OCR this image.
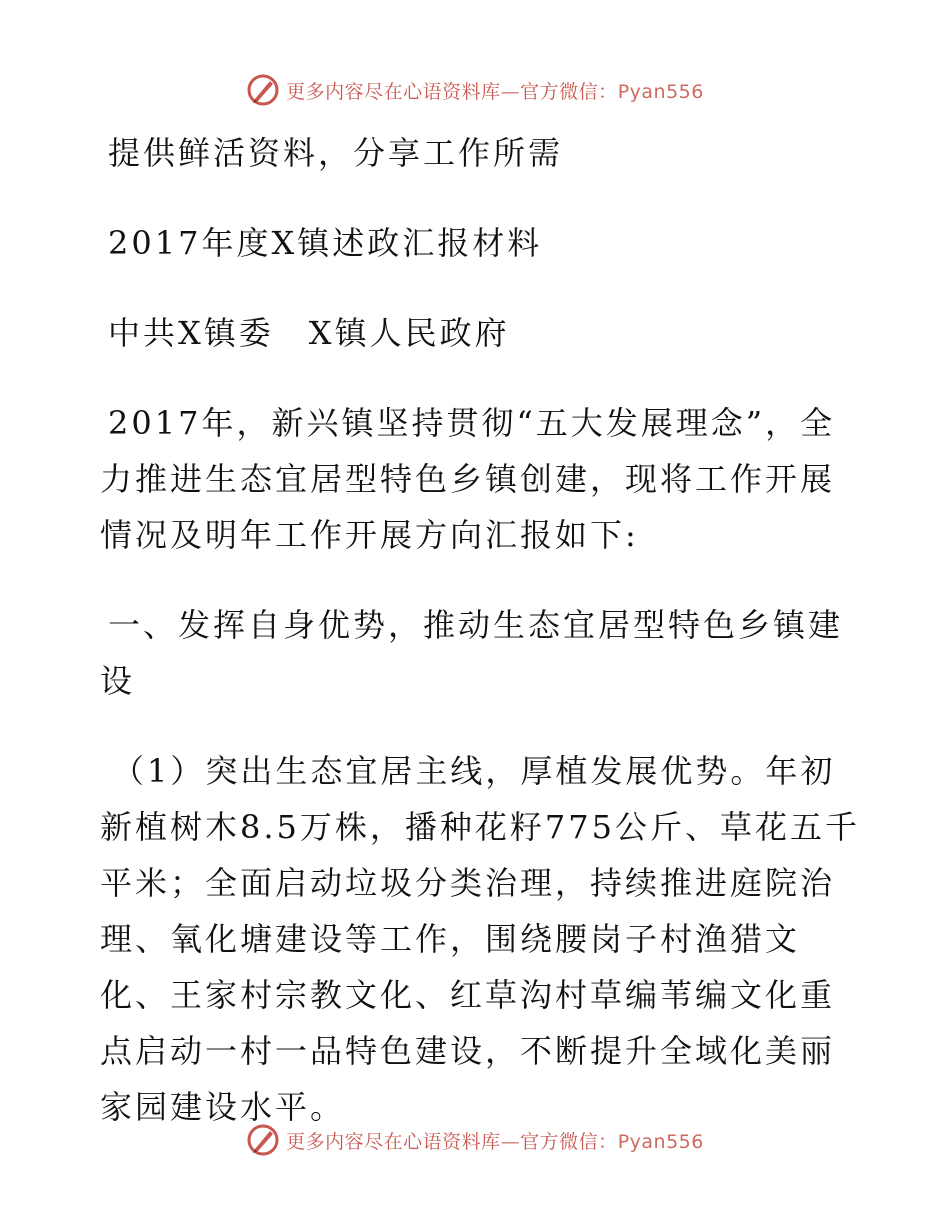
更多内容尽在心语资料库—官方微信：Pyan556

提供鲜活资料，分享工作所需

2017年度X镇述政汇报材料

中共X镇委　X镇人民政府

2017年，新兴镇坚持贯彻“五大发展理念”，全力推进生态宜居型特色乡镇创建，现将工作开展情况及明年工作开展方向汇报如下:

一、发挥自身优势，推动生态宜居型特色乡镇建设

（1）突出生态宜居主线，厚植发展优势。年初新植树木8.5万株，播种花籽775公斤、草花五千平米；全面启动垃圾分类治理，持续推进庭院治理、氧化塘建设等工作，围绕腰岗子村渔猎文化、王家村宗教文化、红草沟村草编苇编文化重点启动一村一品特色建设，不断提升全域化美丽家园建设水平。

更多内容尽在心语资料库—官方微信：Pyan556
